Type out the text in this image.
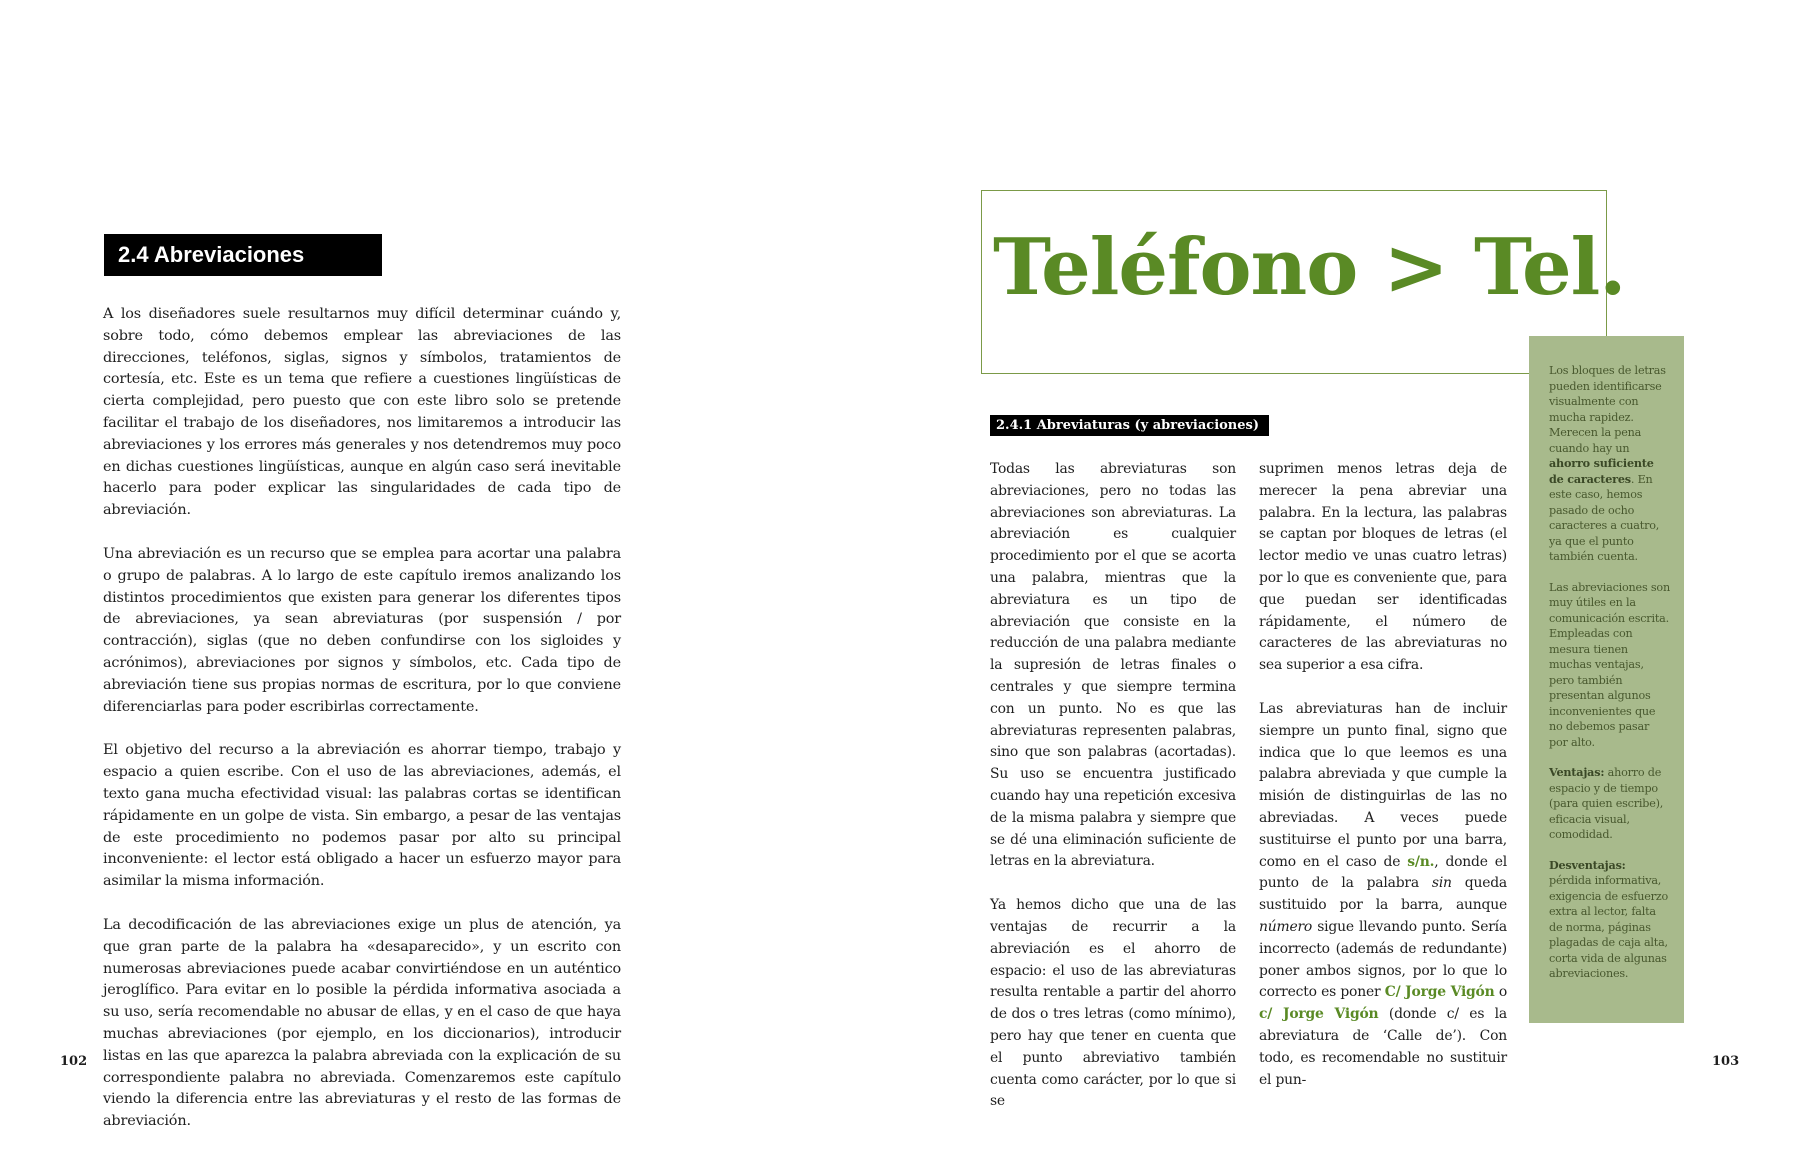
2.4 Abreviaciones

A los diseñadores suele resultarnos muy difícil determinar cuándo y, sobre todo, cómo debemos emplear las abreviaciones de las direcciones, teléfonos, siglas, signos y símbolos, tratamientos de cortesía, etc. Este es un tema que refiere a cuestiones lingüísticas de cierta complejidad, pero puesto que con este libro solo se pretende facilitar el trabajo de los diseñadores, nos limitaremos a introducir las abreviaciones y los errores más generales y nos detendremos muy poco en dichas cuestiones lingüísticas, aunque en algún caso será inevitable hacerlo para poder explicar las singularidades de cada tipo de abreviación.

Una abreviación es un recurso que se emplea para acortar una palabra o grupo de palabras. A lo largo de este capítulo iremos analizando los distintos procedimientos que existen para generar los diferentes tipos de abreviaciones, ya sean abreviaturas (por suspensión / por contracción), siglas (que no deben confundirse con los sigloides y acrónimos), abreviaciones por signos y símbolos, etc. Cada tipo de abreviación tiene sus propias normas de escritura, por lo que conviene diferenciarlas para poder escribirlas correctamente.

El objetivo del recurso a la abreviación es ahorrar tiempo, trabajo y espacio a quien escribe. Con el uso de las abreviaciones, además, el texto gana mucha efectividad visual: las palabras cortas se identifican rápidamente en un golpe de vista. Sin embargo, a pesar de las ventajas de este procedimiento no podemos pasar por alto su principal inconveniente: el lector está obligado a hacer un esfuerzo mayor para asimilar la misma información.

La decodificación de las abreviaciones exige un plus de atención, ya que gran parte de la palabra ha «desaparecido», y un escrito con numerosas abreviaciones puede acabar convirtiéndose en un auténtico jeroglífico. Para evitar en lo posible la pérdida informativa asociada a su uso, sería recomendable no abusar de ellas, y en el caso de que haya muchas abreviaciones (por ejemplo, en los diccionarios), introducir listas en las que aparezca la palabra abreviada con la explicación de su correspondiente palabra no abreviada. Comenzaremos este capítulo viendo la diferencia entre las abreviaturas y el resto de las formas de abreviación.

102
Teléfono > Tel.
2.4.1 Abreviaturas (y abreviaciones)

Todas las abreviaturas son abreviaciones, pero no todas las abreviaciones son abreviaturas. La abreviación es cualquier procedimiento por el que se acorta una palabra, mientras que la abreviatura es un tipo de abreviación que consiste en la reducción de una palabra mediante la supresión de letras finales o centrales y que siempre termina con un punto. No es que las abreviaturas representen palabras, sino que son palabras (acortadas). Su uso se encuentra justificado cuando hay una repetición excesiva de la misma palabra y siempre que se dé una eliminación suficiente de letras en la abreviatura.

Ya hemos dicho que una de las ventajas de recurrir a la abreviación es el ahorro de espacio: el uso de las abreviaturas resulta rentable a partir del ahorro de dos o tres letras (como mínimo), pero hay que tener en cuenta que el punto abreviativo también cuenta como carácter, por lo que si se

suprimen menos letras deja de merecer la pena abreviar una palabra. En la lectura, las palabras se captan por bloques de letras (el lector medio ve unas cuatro letras) por lo que es conveniente que, para que puedan ser identificadas rápidamente, el número de caracteres de las abreviaturas no sea superior a esa cifra.

Las abreviaturas han de incluir siempre un punto final, signo que indica que lo que leemos es una palabra abreviada y que cumple la misión de distinguirlas de las no abreviadas. A veces puede sustituirse el punto por una barra, como en el caso de s/n., donde el punto de la palabra sin queda sustituido por la barra, aunque número sigue llevando punto. Sería incorrecto (además de redundante) poner ambos signos, por lo que lo correcto es poner C/ Jorge Vigón o c/ Jorge Vigón (donde c/ es la abreviatura de ‘Calle de’). Con todo, es recomendable no sustituir el pun-

Los bloques de letras pueden identificarse visualmente con mucha rapidez. Merecen la pena cuando hay un ahorro suficiente de caracteres. En este caso, hemos pasado de ocho caracteres a cuatro, ya que el punto también cuenta.

Las abreviaciones son muy útiles en la comunicación escrita. Empleadas con mesura tienen muchas ventajas, pero también presentan algunos inconvenientes que no debemos pasar por alto.

Ventajas: ahorro de espacio y de tiempo (para quien escribe), eficacia visual, comodidad.

Desventajas:
pérdida informativa, exigencia de esfuerzo extra al lector, falta de norma, páginas plagadas de caja alta, corta vida de algunas abreviaciones.

103
